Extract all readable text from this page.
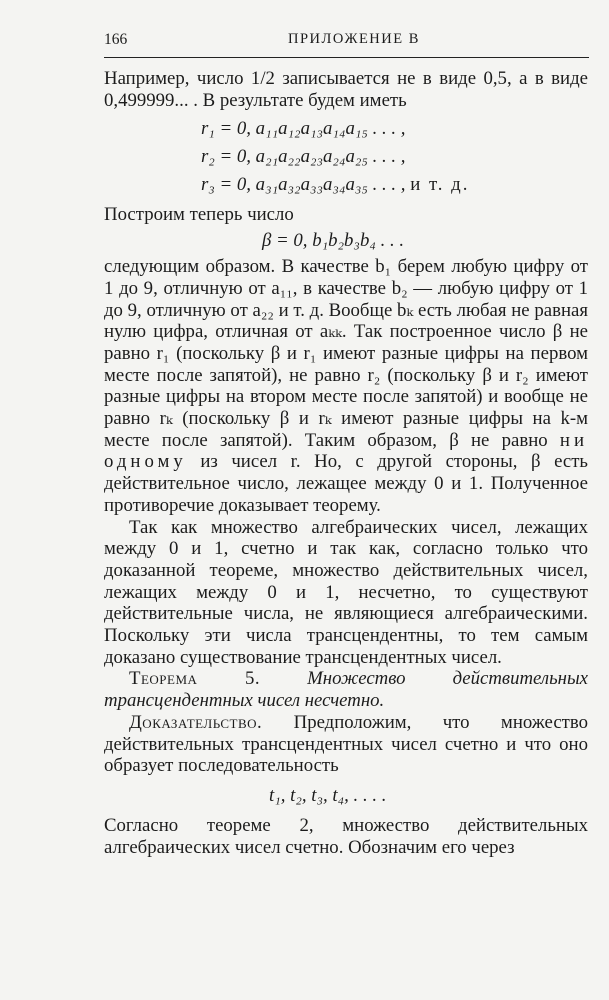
166	ПРИЛОЖЕНИЕ В

Например, число 1/2 записывается не в виде 0,5, а в виде 0,499999... . В результате будем иметь

r₁ = 0, a₁₁a₁₂a₁₃a₁₄a₁₅ . . . ,
r₂ = 0, a₂₁a₂₂a₂₃a₂₄a₂₅ . . . ,
r₃ = 0, a₃₁a₃₂a₃₃a₃₄a₃₅ . . . , и т. д.

Построим теперь число

β = 0, b₁b₂b₃b₄ . . .

следующим образом. В качестве b₁ берем любую цифру от 1 до 9, отличную от a₁₁, в качестве b₂ — любую цифру от 1 до 9, отличную от a₂₂ и т. д. Вообще bₖ есть любая не равная нулю цифра, отличная от aₖₖ. Так построенное число β не равно r₁ (поскольку β и r₁ имеют разные цифры на первом месте после запятой), не равно r₂ (поскольку β и r₂ имеют разные цифры на втором месте после запятой) и вообще не равно rₖ (поскольку β и rₖ имеют разные цифры на k-м месте после запятой). Таким образом, β не равно ни одному из чисел r. Но, с другой стороны, β есть действительное число, лежащее между 0 и 1. Полученное противоречие доказывает теорему.

Так как множество алгебраических чисел, лежащих между 0 и 1, счетно и так как, согласно только что доказанной теореме, множество действительных чисел, лежащих между 0 и 1, несчетно, то существуют действительные числа, не являющиеся алгебраическими. Поскольку эти числа трансцендентны, то тем самым доказано существование трансцендентных чисел.

Теорема 5.	Множество действительных трансцендентных чисел несчетно.

Доказательство. Предположим, что множество действительных трансцендентных чисел счетно и что оно образует последовательность

t₁, t₂, t₃, t₄, . . . .

Согласно теореме 2, множество действительных алгебраических чисел счетно. Обозначим его через
